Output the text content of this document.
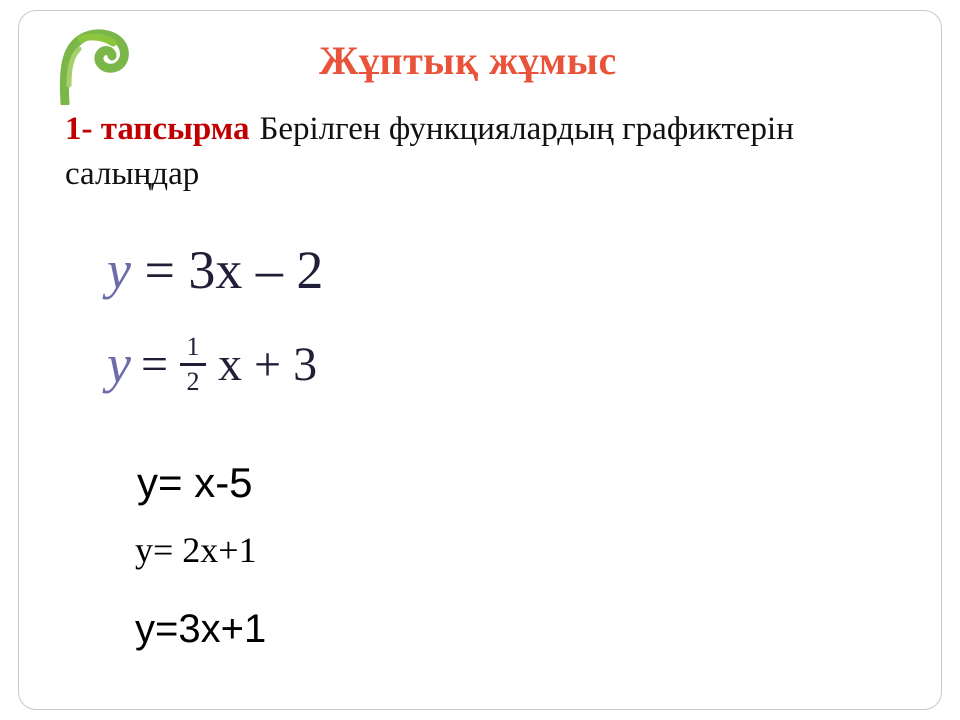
Жұптық жұмыс
1- тапсырма Берілген функциялардың графиктерін салыңдар
y = 3x – 2
$y = \frac{1}{2}$ x + 3
y= x-5
y= 2x+1
y=3x+1
